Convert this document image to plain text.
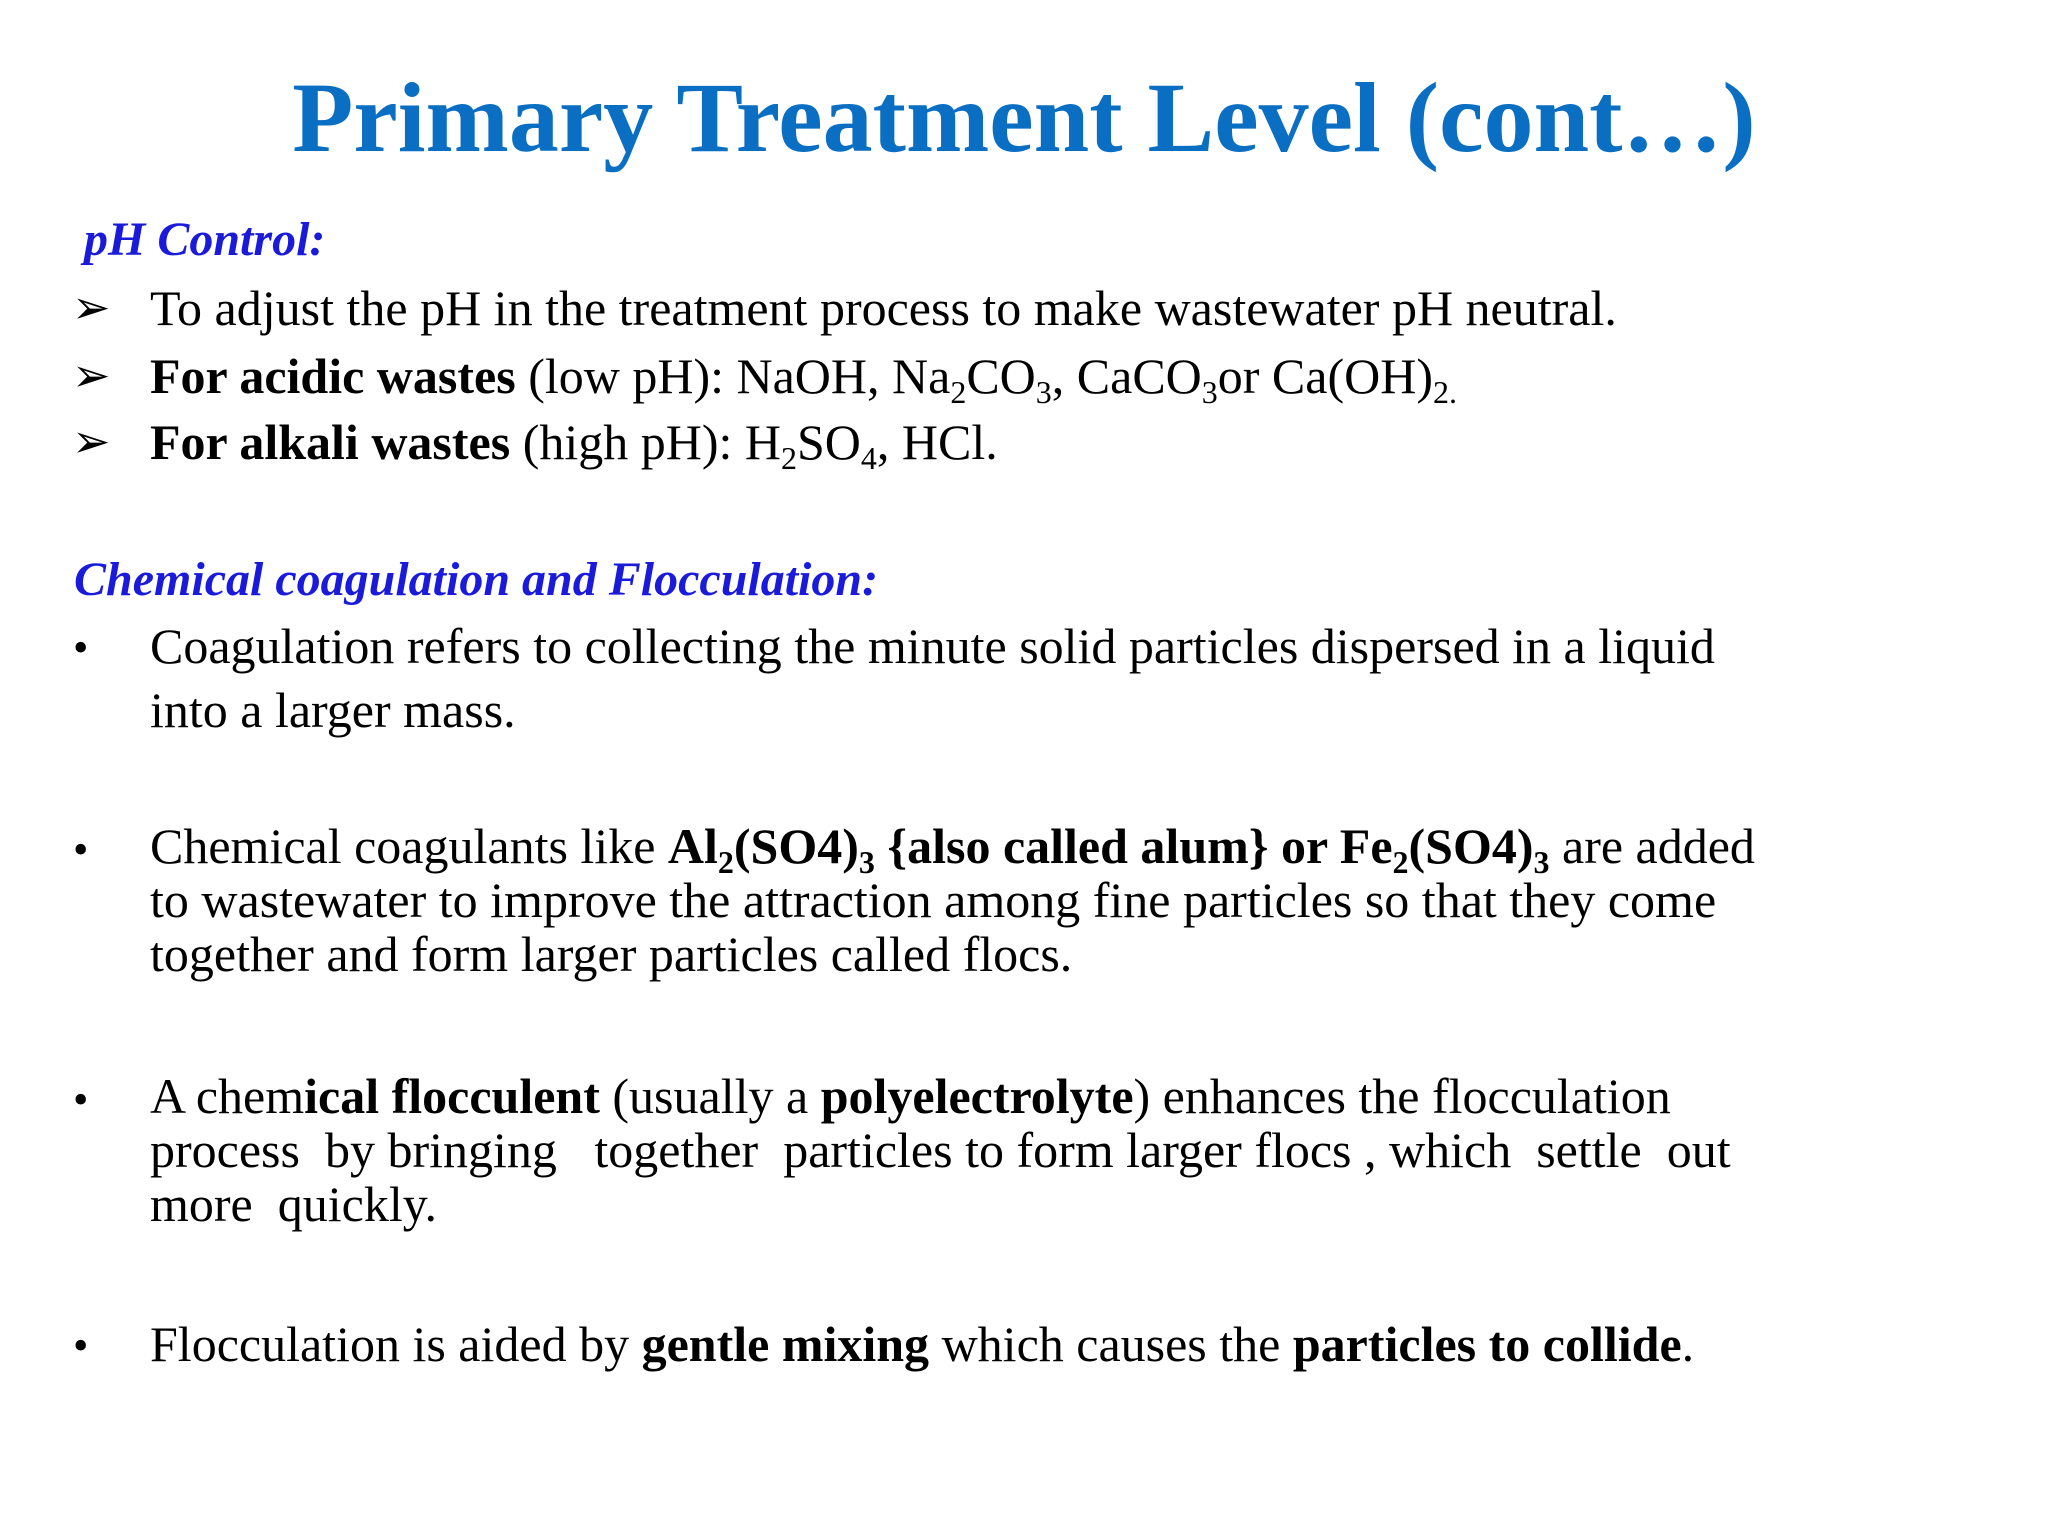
Primary Treatment Level (cont…)
pH Control:
➢ To adjust the pH in the treatment process to make wastewater pH neutral.
➢ For acidic wastes (low pH): NaOH, $Na_2CO_3$, CaCO$_3$or $Ca(OH)_{2.}$
➢ For alkali wastes (high pH): $H_2SO_4$, HCl.
Chemical coagulation and Flocculation:
• Coagulation refers to collecting the minute solid particles dispersed in a liquid
into a larger mass.
• Chemical coagulants like $Al_2(SO4)_3$ {also called alum} or $Fe_2(SO4)_3$ are added
to wastewater to improve the attraction among fine particles so that they come
together and form larger particles called flocs.
• A chemical flocculent (usually a polyelectrolyte) enhances the flocculation
process  by bringing   together  particles to form larger flocs , which  settle  out
more  quickly.
• Flocculation is aided by gentle mixing which causes the particles to collide.
